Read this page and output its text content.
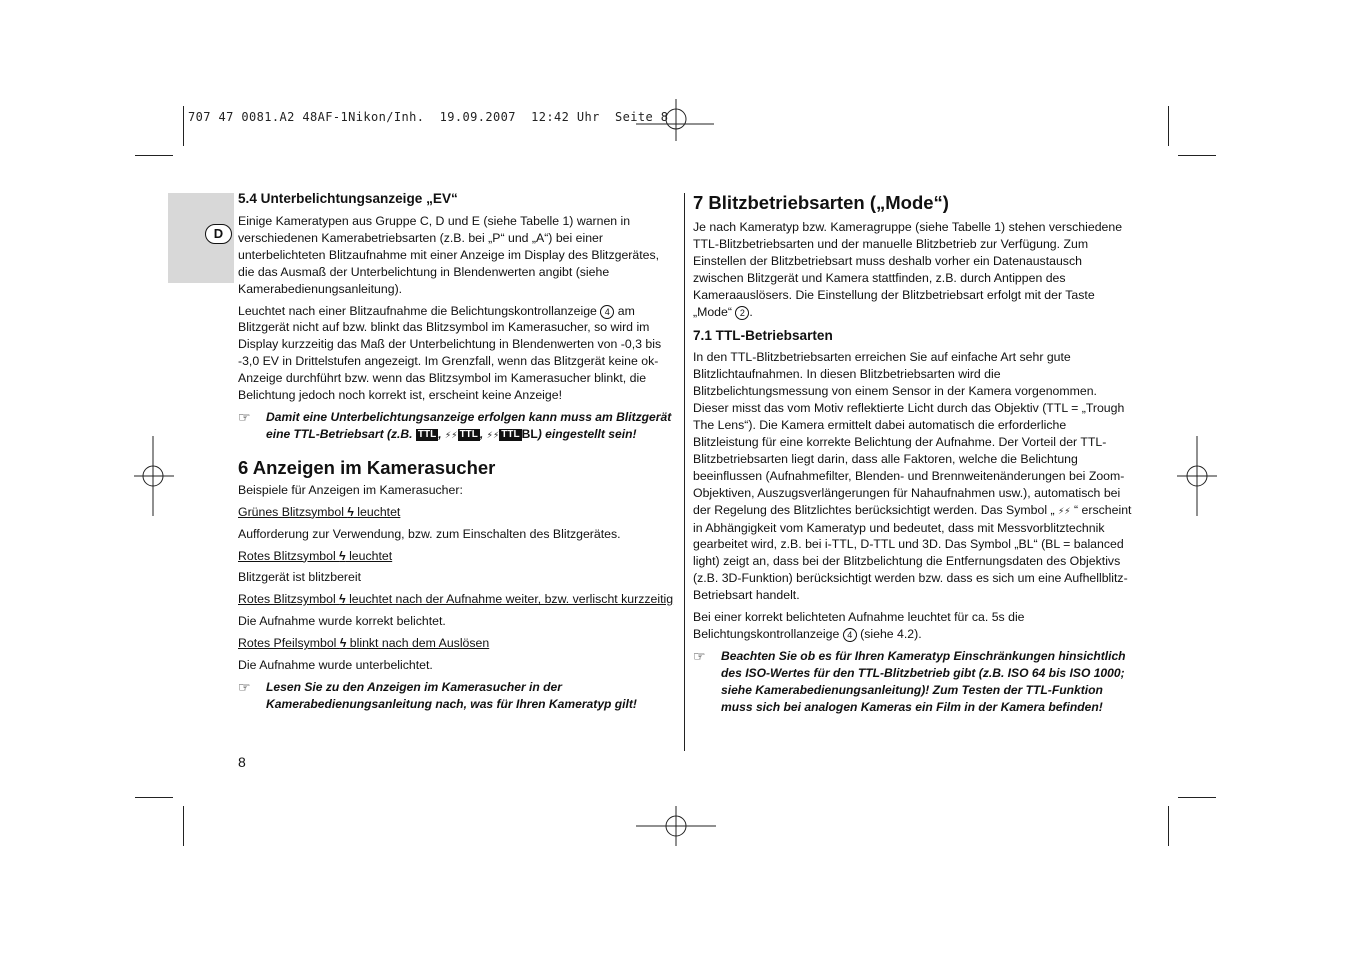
707 47 0081.A2 48AF-1Nikon/Inh.  19.09.2007  12:42 Uhr  Seite 8
D

5.4 Unterbelichtungsanzeige „EV“

Einige Kameratypen aus Gruppe C, D und E (siehe Tabelle 1) warnen in verschiedenen Kamerabetriebsarten (z.B. bei „P“ und „A“) bei einer unterbelichteten Blitzaufnahme mit einer Anzeige im Display des Blitzgerätes, die das Ausmaß der Unterbelichtung in Blendenwerten angibt (siehe Kamerabedienungsanleitung).

Leuchtet nach einer Blitzaufnahme die Belichtungskontrollanzeige 4 am Blitzgerät nicht auf bzw. blinkt das Blitzsymbol im Kamerasucher, so wird im Display kurzzeitig das Maß der Unterbelichtung in Blendenwerten von -0,3 bis -3,0 EV in Drittelstufen angezeigt. Im Grenzfall, wenn das Blitzgerät keine ok-Anzeige durchführt bzw. wenn das Blitzsymbol im Kamerasucher blinkt, die Belichtung jedoch noch korrekt ist, erscheint keine Anzeige!

☞ Damit eine Unterbelichtungsanzeige erfolgen kann muss am Blitzgerät eine TTL-Betriebsart (z.B. TTL , ⚡⚡ TTL , ⚡⚡ TTL BL) eingestellt sein!

6 Anzeigen im Kamerasucher

Beispiele für Anzeigen im Kamerasucher:

Grünes Blitzsymbol ϟ leuchtet

Aufforderung zur Verwendung, bzw. zum Einschalten des Blitzgerätes.

Rotes Blitzsymbol ϟ leuchtet

Blitzgerät ist blitzbereit

Rotes Blitzsymbol ϟ leuchtet nach der Aufnahme weiter, bzw. verlischt kurzzeitig

Die Aufnahme wurde korrekt belichtet.

Rotes Pfeilsymbol ϟ blinkt nach dem Auslösen

Die Aufnahme wurde unterbelichtet.

☞ Lesen Sie zu den Anzeigen im Kamerasucher in der Kamerabedienungsanleitung nach, was für Ihren Kameratyp gilt!

7 Blitzbetriebsarten („Mode“)

Je nach Kameratyp bzw. Kameragruppe (siehe Tabelle 1) stehen verschiedene TTL-Blitzbetriebsarten und der manuelle Blitzbetrieb zur Verfügung. Zum Einstellen der Blitzbetriebsart muss deshalb vorher ein Datenaustausch zwischen Blitzgerät und Kamera stattfinden, z.B. durch Antippen des Kameraauslösers. Die Einstellung der Blitzbetriebsart erfolgt mit der Taste „Mode“ 2 .

7.1 TTL-Betriebsarten

In den TTL-Blitzbetriebsarten erreichen Sie auf einfache Art sehr gute Blitzlichtaufnahmen. In diesen Blitzbetriebsarten wird die Blitzbelichtungsmessung von einem Sensor in der Kamera vorgenommen. Dieser misst das vom Motiv reflektierte Licht durch das Objektiv (TTL = „Trough The Lens“). Die Kamera ermittelt dabei automatisch die erforderliche Blitzleistung für eine korrekte Belichtung der Aufnahme. Der Vorteil der TTL-Blitzbetriebsarten liegt darin, dass alle Faktoren, welche die Belichtung beeinflussen (Aufnahmefilter, Blenden- und Brennweitenänderungen bei Zoom-Objektiven, Auszugsverlängerungen für Nahaufnahmen usw.), automatisch bei der Regelung des Blitzlichtes berücksichtigt werden. Das Symbol „ ⚡⚡ “ erscheint in Abhängigkeit vom Kameratyp und bedeutet, dass mit Messvorblitztechnik gearbeitet wird, z.B. bei i-TTL, D-TTL und 3D. Das Symbol „BL“ (BL = balanced light) zeigt an, dass bei der Blitzbelichtung die Entfernungsdaten des Objektivs (z.B. 3D-Funktion) berücksichtigt werden bzw. dass es sich um eine Aufhellblitz-Betriebsart handelt.

Bei einer korrekt belichteten Aufnahme leuchtet für ca. 5s die Belichtungskontrollanzeige 4 (siehe 4.2).

☞ Beachten Sie ob es für Ihren Kameratyp Einschränkungen hinsichtlich des ISO-Wertes für den TTL-Blitzbetrieb gibt (z.B. ISO 64 bis ISO 1000; siehe Kamerabedienungsanleitung)! Zum Testen der TTL-Funktion muss sich bei analogen Kameras ein Film in der Kamera befinden!
8
